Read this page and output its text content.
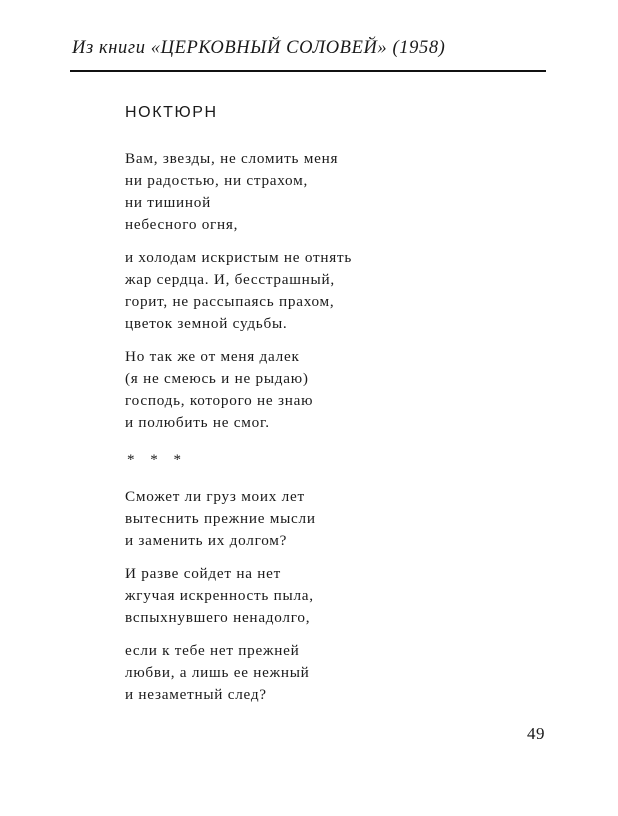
Из книги «ЦЕРКОВНЫЙ СОЛОВЕЙ» (1958)
НОКТЮРН
Вам, звезды, не сломить меня
ни радостью, ни страхом,
ни тишиной
небесного огня,
и холодам искристым не отнять
жар сердца. И, бесстрашный,
горит, не рассыпаясь прахом,
цветок земной судьбы.
Но так же от меня далек
(я не смеюсь и не рыдаю)
господь, которого не знаю
и полюбить не смог.
* * *
Сможет ли груз моих лет
вытеснить прежние мысли
и заменить их долгом?
И разве сойдет на нет
жгучая искренность пыла,
вспыхнувшего ненадолго,
если к тебе нет прежней
любви, а лишь ее нежный
и незаметный след?
49
